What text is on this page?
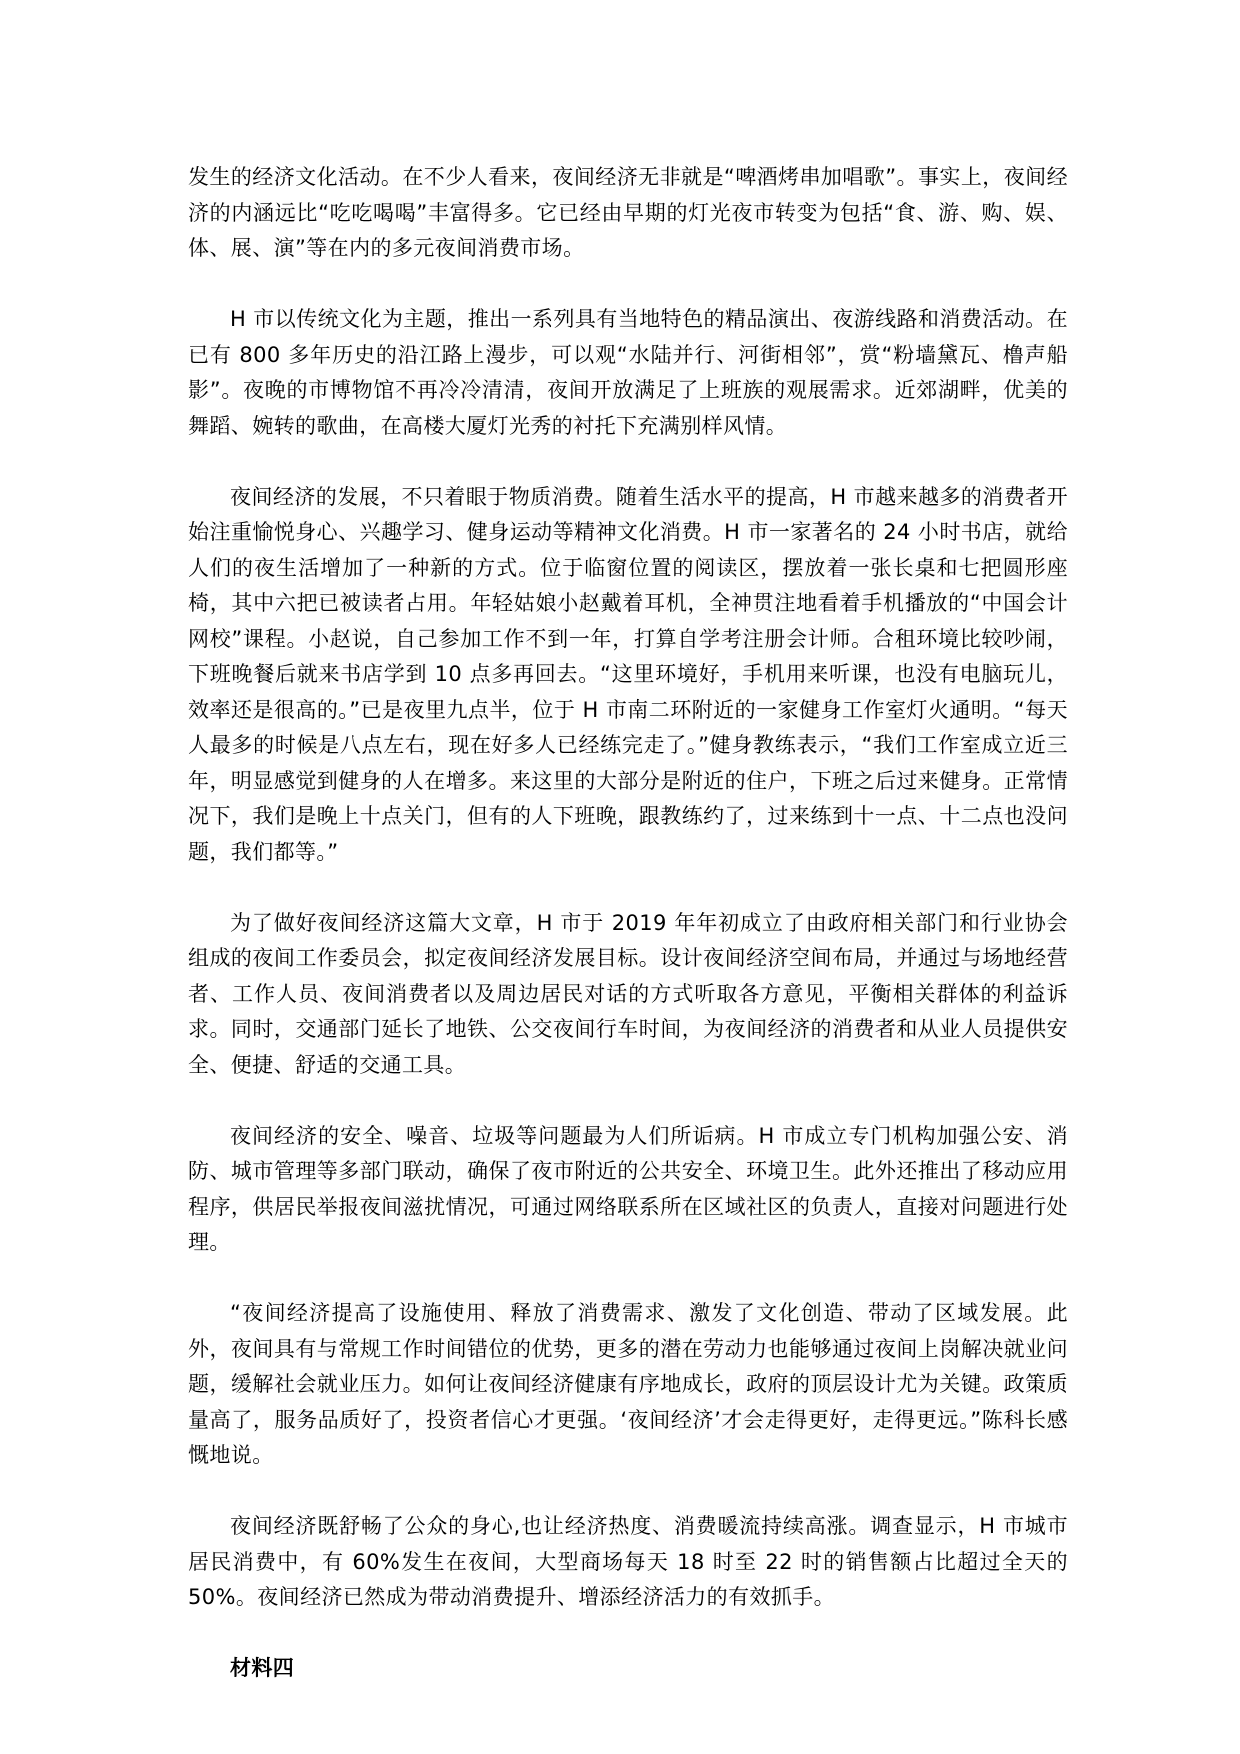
发生的经济文化活动。在不少人看来，夜间经济无非就是“啤酒烤串加唱歌”。事实上，夜间经济的内涵远比“吃吃喝喝”丰富得多。它已经由早期的灯光夜市转变为包括“食、游、购、娱、体、展、演”等在内的多元夜间消费市场。

H 市以传统文化为主题，推出一系列具有当地特色的精品演出、夜游线路和消费活动。在已有 800 多年历史的沿江路上漫步，可以观“水陆并行、河街相邻”，赏“粉墙黛瓦、橹声船影”。夜晚的市博物馆不再冷冷清清，夜间开放满足了上班族的观展需求。近郊湖畔，优美的舞蹈、婉转的歌曲，在高楼大厦灯光秀的衬托下充满别样风情。

夜间经济的发展，不只着眼于物质消费。随着生活水平的提高，H 市越来越多的消费者开始注重愉悦身心、兴趣学习、健身运动等精神文化消费。H 市一家著名的 24 小时书店，就给人们的夜生活增加了一种新的方式。位于临窗位置的阅读区，摆放着一张长桌和七把圆形座椅，其中六把已被读者占用。年轻姑娘小赵戴着耳机，全神贯注地看着手机播放的“中国会计网校”课程。小赵说，自己参加工作不到一年，打算自学考注册会计师。合租环境比较吵闹，下班晚餐后就来书店学到 10 点多再回去。“这里环境好，手机用来听课，也没有电脑玩儿，效率还是很高的。”已是夜里九点半，位于 H 市南二环附近的一家健身工作室灯火通明。“每天人最多的时候是八点左右，现在好多人已经练完走了。”健身教练表示，“我们工作室成立近三年，明显感觉到健身的人在增多。来这里的大部分是附近的住户，下班之后过来健身。正常情况下，我们是晚上十点关门，但有的人下班晚，跟教练约了，过来练到十一点、十二点也没问题，我们都等。”

为了做好夜间经济这篇大文章，H 市于 2019 年年初成立了由政府相关部门和行业协会组成的夜间工作委员会，拟定夜间经济发展目标。设计夜间经济空间布局，并通过与场地经营者、工作人员、夜间消费者以及周边居民对话的方式听取各方意见，平衡相关群体的利益诉求。同时，交通部门延长了地铁、公交夜间行车时间，为夜间经济的消费者和从业人员提供安全、便捷、舒适的交通工具。

夜间经济的安全、噪音、垃圾等问题最为人们所诟病。H 市成立专门机构加强公安、消防、城市管理等多部门联动，确保了夜市附近的公共安全、环境卫生。此外还推出了移动应用程序，供居民举报夜间滋扰情况，可通过网络联系所在区域社区的负责人，直接对问题进行处理。

“夜间经济提高了设施使用、释放了消费需求、激发了文化创造、带动了区域发展。此外，夜间具有与常规工作时间错位的优势，更多的潜在劳动力也能够通过夜间上岗解决就业问题，缓解社会就业压力。如何让夜间经济健康有序地成长，政府的顶层设计尤为关键。政策质量高了，服务品质好了，投资者信心才更强。‘夜间经济’才会走得更好，走得更远。”陈科长感慨地说。

夜间经济既舒畅了公众的身心,也让经济热度、消费暖流持续高涨。调查显示，H 市城市居民消费中，有 60%发生在夜间，大型商场每天 18 时至 22 时的销售额占比超过全天的 50%。夜间经济已然成为带动消费提升、增添经济活力的有效抓手。

材料四
